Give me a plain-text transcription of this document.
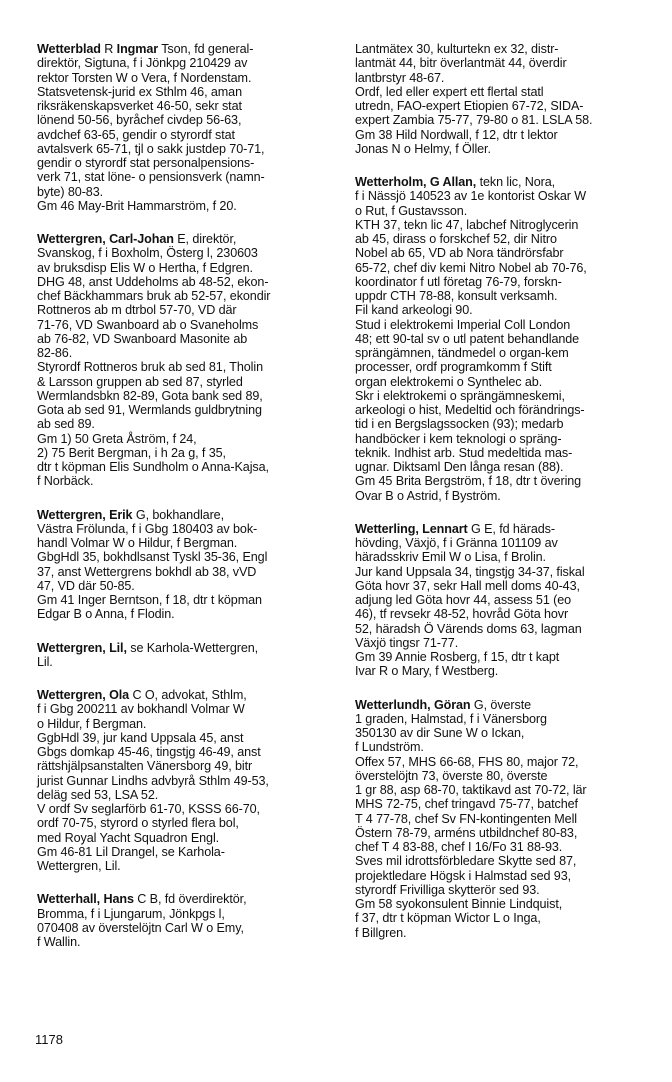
Wetterblad R Ingmar Tson, fd general-
direktör, Sigtuna, f i Jönkpg 210429 av
rektor Torsten W o Vera, f Nordenstam.
Statsvetensk-jurid ex Sthlm 46, aman
riksräkenskapsverket 46-50, sekr stat
lönend 50-56, byråchef civdep 56-63,
avdchef 63-65, gendir o styrordf stat
avtalsverk 65-71, tjl o sakk justdep 70-71,
gendir o styrordf stat personalpensions-
verk 71, stat löne- o pensionsverk (namn-
byte) 80-83.
Gm 46 May-Brit Hammarström, f 20.
Wettergren, Carl-Johan E, direktör,
Svanskog, f i Boxholm, Österg l, 230603
av bruksdisp Elis W o Hertha, f Edgren.
DHG 48, anst Uddeholms ab 48-52, ekon-
chef Bäckhammars bruk ab 52-57, ekondir
Rottneros ab m dtrbol 57-70, VD där
71-76, VD Swanboard ab o Svaneholms
ab 76-82, VD Swanboard Masonite ab
82-86.
Styrordf Rottneros bruk ab sed 81, Tholin
& Larsson gruppen ab sed 87, styrled
Wermlandsbkn 82-89, Gota bank sed 89,
Gota ab sed 91, Wermlands guldbrytning
ab sed 89.
Gm 1) 50 Greta Åström, f 24,
2) 75 Berit Bergman, i h 2a g, f 35,
dtr t köpman Elis Sundholm o Anna-Kajsa,
f Norbäck.
Wettergren, Erik G, bokhandlare,
Västra Frölunda, f i Gbg 180403 av bok-
handl Volmar W o Hildur, f Bergman.
GbgHdl 35, bokhdlsanst Tyskl 35-36, Engl
37, anst Wettergrens bokhdl ab 38, vVD
47, VD där 50-85.
Gm 41 Inger Berntson, f 18, dtr t köpman
Edgar B o Anna, f Flodin.
Wettergren, Lil, se Karhola-Wettergren,
Lil.
Wettergren, Ola C O, advokat, Sthlm,
f i Gbg 200211 av bokhandl Volmar W
o Hildur, f Bergman.
GgbHdl 39, jur kand Uppsala 45, anst
Gbgs domkap 45-46, tingstjg 46-49, anst
rättshjälpsanstalten Vänersborg 49, bitr
jurist Gunnar Lindhs advbyrå Sthlm 49-53,
deläg sed 53, LSA 52.
V ordf Sv seglarförb 61-70, KSSS 66-70,
ordf 70-75, styrord o styrled flera bol,
med Royal Yacht Squadron Engl.
Gm 46-81 Lil Drangel, se Karhola-
Wettergren, Lil.
Wetterhall, Hans C B, fd överdirektör,
Bromma, f i Ljungarum, Jönkpgs l,
070408 av överstelöjtn Carl W o Emy,
f Wallin.
Lantmätex 30, kulturtekn ex 32, distr-
lantmät 44, bitr överlantmät 44, överdir
lantbrstyr 48-67.
Ordf, led eller expert ett flertal statl
utredn, FAO-expert Etiopien 67-72, SIDA-
expert Zambia 75-77, 79-80 o 81. LSLA 58.
Gm 38 Hild Nordwall, f 12, dtr t lektor
Jonas N o Helmy, f Öller.
Wetterholm, G Allan, tekn lic, Nora,
f i Nässjö 140523 av 1e kontorist Oskar W
o Rut, f Gustavsson.
KTH 37, tekn lic 47, labchef Nitroglycerin
ab 45, dirass o forskchef 52, dir Nitro
Nobel ab 65, VD ab Nora tändrörsfabr
65-72, chef div kemi Nitro Nobel ab 70-76,
koordinator f utl företag 76-79, forskn-
uppdr CTH 78-88, konsult verksamh.
Fil kand arkeologi 90.
Stud i elektrokemi Imperial Coll London
48; ett 90-tal sv o utl patent behandlande
sprängämnen, tändmedel o organ-kem
processer, ordf programkomm f Stift
organ elektrokemi o Synthelec ab.
Skr i elektrokemi o sprängämneskemi,
arkeologi o hist, Medeltid och förändrings-
tid i en Bergslagssocken (93); medarb
handböcker i kem teknologi o spräng-
teknik. Indhist arb. Stud medeltida mas-
ugnar. Diktsaml Den långa resan (88).
Gm 45 Brita Bergström, f 18, dtr t övering
Ovar B o Astrid, f Byström.
Wetterling, Lennart G E, fd härads-
hövding, Växjö, f i Gränna 101109 av
häradsskriv Emil W o Lisa, f Brolin.
Jur kand Uppsala 34, tingstjg 34-37, fiskal
Göta hovr 37, sekr Hall mell doms 40-43,
adjung led Göta hovr 44, assess 51 (eo
46), tf revsekr 48-52, hovråd Göta hovr
52, häradsh Ö Värends doms 63, lagman
Växjö tingsr 71-77.
Gm 39 Annie Rosberg, f 15, dtr t kapt
Ivar R o Mary, f Westberg.
Wetterlundh, Göran G, överste
1 graden, Halmstad, f i Vänersborg
350130 av dir Sune W o Ickan,
f Lundström.
Offex 57, MHS 66-68, FHS 80, major 72,
överstelöjtn 73, överste 80, överste
1 gr 88, asp 68-70, taktikavd ast 70-72, lär
MHS 72-75, chef tringavd 75-77, batchef
T 4 77-78, chef Sv FN-kontingenten Mell
Östern 78-79, arméns utbildnchef 80-83,
chef T 4 83-88, chef I 16/Fo 31 88-93.
Sves mil idrottsförbledare Skytte sed 87,
projektledare Högsk i Halmstad sed 93,
styrordf Frivilliga skytterör sed 93.
Gm 58 syokonsulent Binnie Lindquist,
f 37, dtr t köpman Wictor L o Inga,
f Billgren.
1178
